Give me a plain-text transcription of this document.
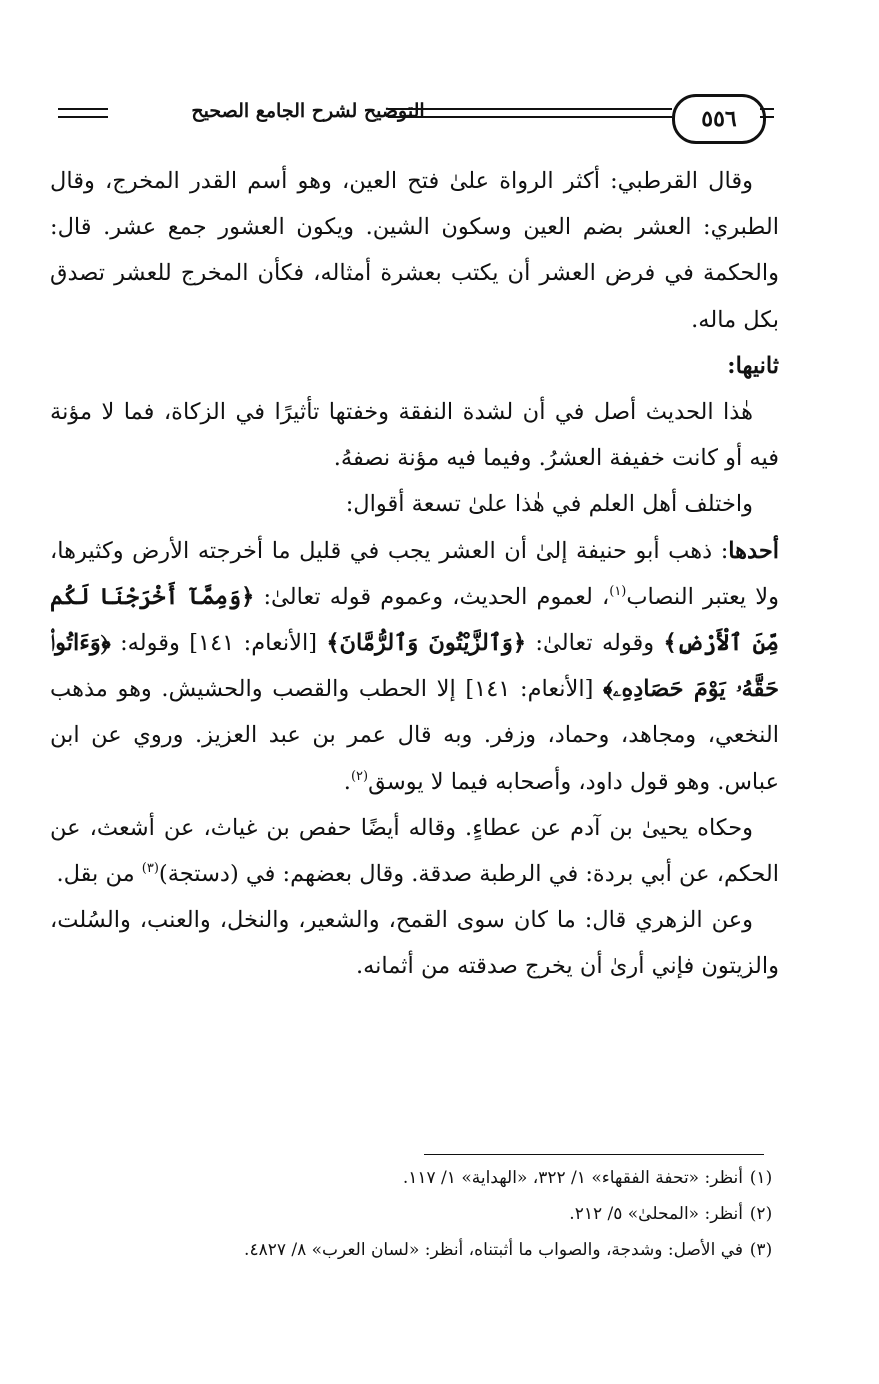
التوضيح لشرح الجامع الصحيح	٥٥٦

وقال القرطبي: أكثر الرواة علىٰ فتح العين، وهو أسم القدر المخرج، وقال الطبري: العشر بضم العين وسكون الشين. ويكون العشور جمع عشر. قال: والحكمة في فرض العشر أن يكتب بعشرة أمثاله، فكأن المخرج للعشر تصدق بكل ماله.

ثانيها:

هٰذا الحديث أصل في أن لشدة النفقة وخفتها تأثيرًا في الزكاة، فما لا مؤنة فيه أو كانت خفيفة العشرُ. وفيما فيه مؤنة نصفهُ.

واختلف أهل العلم في هٰذا علىٰ تسعة أقوال:

أحدها: ذهب أبو حنيفة إلىٰ أن العشر يجب في قليل ما أخرجته الأرض وكثيرها، ولا يعتبر النصاب$^{(١)}$، لعموم الحديث، وعموم قوله تعالىٰ: ﴿وَمِمَّآ أَخْرَجْنَا لَكُم مِّنَ ٱلْأَرْضِ﴾ وقوله تعالىٰ: ﴿وَٱلزَّيْتُونَ وَٱلرُّمَّانَ﴾ [الأنعام: ١٤١] وقوله: ﴿وَءَاتُوا۟ حَقَّهُۥ يَوْمَ حَصَادِهِۦ﴾ [الأنعام: ١٤١] إلا الحطب والقصب والحشيش. وهو مذهب النخعي، ومجاهد، وحماد، وزفر. وبه قال عمر بن عبد العزيز. وروي عن ابن عباس. وهو قول داود، وأصحابه فيما لا يوسق$^{(٢)}$.

وحكاه يحيىٰ بن آدم عن عطاءٍ. وقاله أيضًا حفص بن غياث، عن أشعث، عن الحكم، عن أبي بردة: في الرطبة صدقة. وقال بعضهم: في (دستجة)$^{(٣)}$ من بقل.

وعن الزهري قال: ما كان سوى القمح، والشعير، والنخل، والعنب، والسُلت، والزيتون فإني أرىٰ أن يخرج صدقته من أثمانه.

(١)
أنظر: «تحفة الفقهاء» ١/ ٣٢٢، «الهداية» ١/ ١١٧.

(٢)
أنظر: «المحلىٰ» ٥/ ٢١٢.

(٣)
في الأصل: وشدجة، والصواب ما أثبتناه، أنظر: «لسان العرب» ٨/ ٤٨٢٧.
